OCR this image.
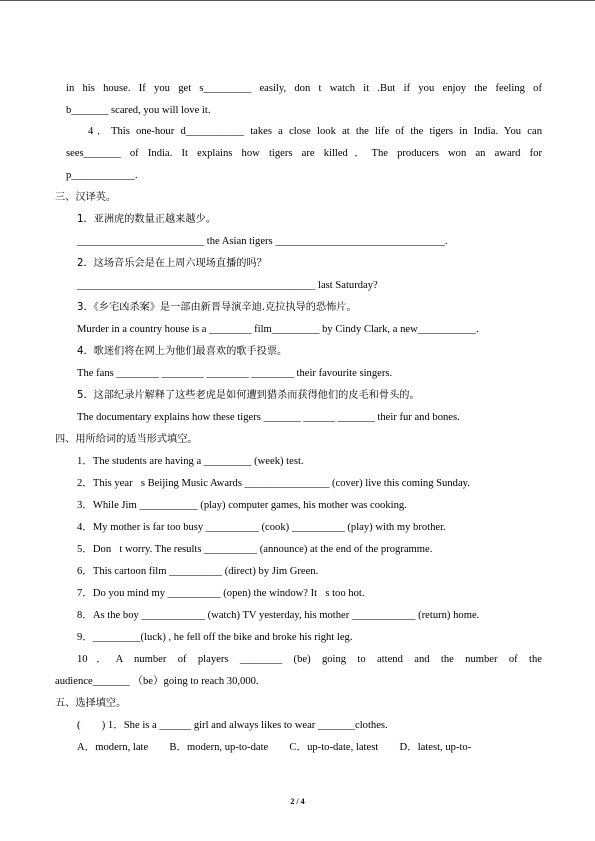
in his house. If you get s_________ easily, don t watch it .But if you enjoy the feeling of
b_______ scared, you will love it.
4．This one-hour d___________ takes a close look at the life of the tigers in India. You can
sees_______ of India. It explains how tigers are killed．The producers won an award for
p____________.
三、汉译英。
1．亚洲虎的数量正越来越少。
________________________ the Asian tigers ________________________________.
2．这场音乐会是在上周六现场直播的吗？
_____________________________________________ last Saturday?
3．《乡宅凶杀案》是一部由新晋导演辛迪.克拉执导的恐怖片。
Murder in a country house is a ________ film_________ by Cindy Clark, a new___________.
4．歌迷们将在网上为他们最喜欢的歌手投票。
The fans ________ ________ ________ ________ their favourite singers.
5．这部纪录片解释了这些老虎是如何遭到猎杀而获得他们的皮毛和骨头的。
The documentary explains how these tigers _______ ______ _______ their fur and bones.
四、用所给词的适当形式填空。
1．The students are having a _________ (week) test.
2．This year s Beijing Music Awards ________________ (cover) live this coming Sunday.
3．While Jim ___________ (play) computer games, his mother was cooking.
4．My mother is far too busy __________ (cook) __________ (play) with my brother.
5．Don t worry. The results __________ (announce) at the end of the programme.
6．This cartoon film __________ (direct) by Jim Green.
7．Do you mind my __________ (open) the window? It s too hot.
8．As the boy ____________ (watch) TV yesterday, his mother ____________ (return) home.
9．_________(luck) , he fell off the bike and broke his right leg.
10．A number of players ________ (be) going to attend and the number of the
audience_______ （be）going to reach 30,000.
五、选择填空。
(　　) 1．She is a ______ girl and always likes to wear _______clothes.
A．modern, late　　B．modern, up-to-date　　C．up-to-date, latest　　D．latest, up-to-
2 / 4
